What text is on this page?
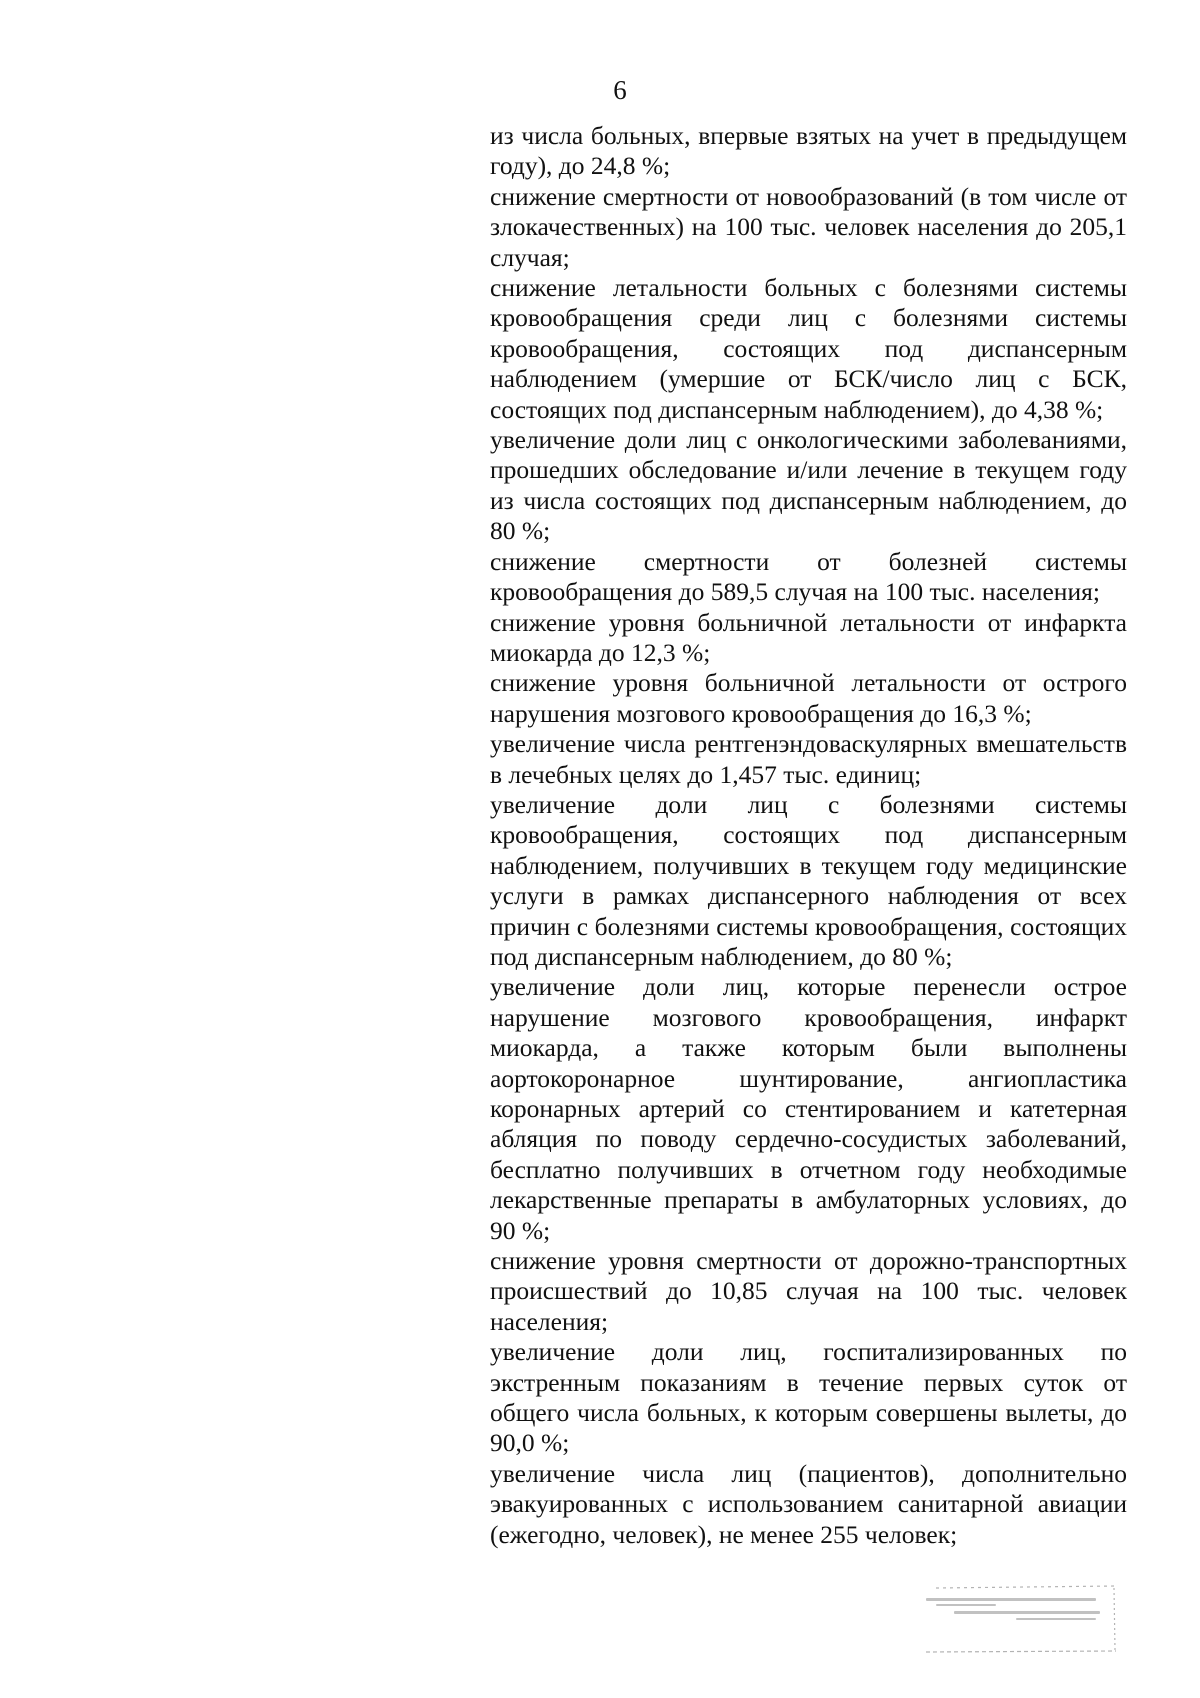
6

из числа больных, впервые взятых на учет в предыдущем году), до 24,8 %;

снижение смертности от новообразований (в том числе от злокачественных) на 100 тыс. человек населения до 205,1 случая;

снижение летальности больных с болезнями системы кровообращения среди лиц с болезнями системы кровообращения, состоящих под диспансерным наблюдением (умершие от БСК/число лиц с БСК, состоящих под диспансерным наблюдением), до 4,38 %;

увеличение доли лиц с онкологическими заболеваниями, прошедших обследование и/или лечение в текущем году из числа состоящих под диспансерным наблюдением, до 80 %;

снижение смертности от болезней системы кровообращения до 589,5 случая на 100 тыс. населения;

снижение уровня больничной летальности от инфаркта миокарда до 12,3 %;

снижение уровня больничной летальности от острого нарушения мозгового кровообращения до 16,3 %;

увеличение числа рентгенэндоваскулярных вмешательств в лечебных целях до 1,457 тыс. единиц;

увеличение доли лиц с болезнями системы кровообращения, состоящих под диспансерным наблюдением, получивших в текущем году медицинские услуги в рамках диспансерного наблюдения от всех причин с болезнями системы кровообращения, состоящих под диспансерным наблюдением, до 80 %;

увеличение доли лиц, которые перенесли острое нарушение мозгового кровообращения, инфаркт миокарда, а также которым были выполнены аортокоронарное шунтирование, ангиопластика коронарных артерий со стентированием и катетерная абляция по поводу сердечно-сосудистых заболеваний, бесплатно получивших в отчетном году необходимые лекарственные препараты в амбулаторных условиях, до 90 %;

снижение уровня смертности от дорожно-транспортных происшествий до 10,85 случая на 100 тыс. человек населения;

увеличение доли лиц, госпитализированных по экстренным показаниям в течение первых суток от общего числа больных, к которым совершены вылеты, до 90,0 %;

увеличение числа лиц (пациентов), дополнительно эвакуированных с использованием санитарной авиации (ежегодно, человек), не менее 255 человек;
